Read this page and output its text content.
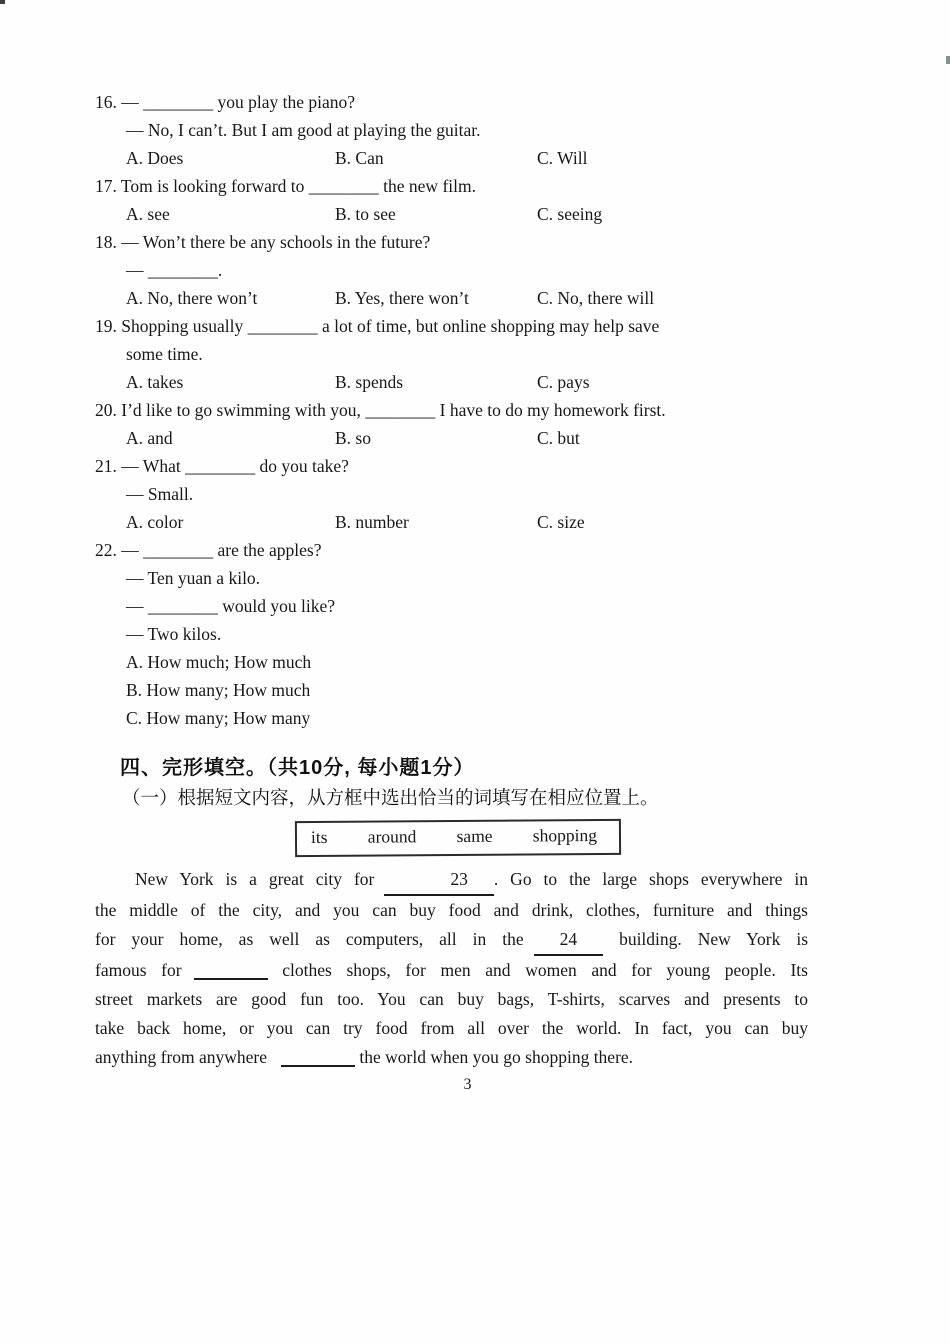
16. — ________ you play the piano?
— No, I can’t. But I am good at playing the guitar.
A. Does	B. Can	C. Will
17. Tom is looking forward to ________ the new film.
A. see	B. to see	C. seeing
18. — Won’t there be any schools in the future?
— ________.
A. No, there won’t	B. Yes, there won’t	C. No, there will
19. Shopping usually ________ a lot of time, but online shopping may help save
some time.
A. takes	B. spends	C. pays
20. I’d like to go swimming with you, ________ I have to do my homework first.
A. and	B. so	C. but
21. — What ________ do you take?
— Small.
A. color	B. number	C. size
22. — ________ are the apples?
— Ten yuan a kilo.
— ________ would you like?
— Two kilos.
A. How much; How much
B. How many; How much
C. How many; How many
四、完形填空。（共10分, 每小题1分）
（一）根据短文内容，从方框中选出恰当的词填写在相应位置上。
its around same shopping
New York is a great city for	23 . Go to the large shops everywhere in
the middle of the city, and you can buy food and drink, clothes, furniture and things
for your home, as well as computers, all in the 24 building. New York is
famous for	clothes shops, for men and women and for young people. Its
street markets are good fun too. You can buy bags, T-shirts, scarves and presents to
take back home, or you can try food from all over the world. In fact, you can buy
anything from anywhere	the world when you go shopping there.
3
